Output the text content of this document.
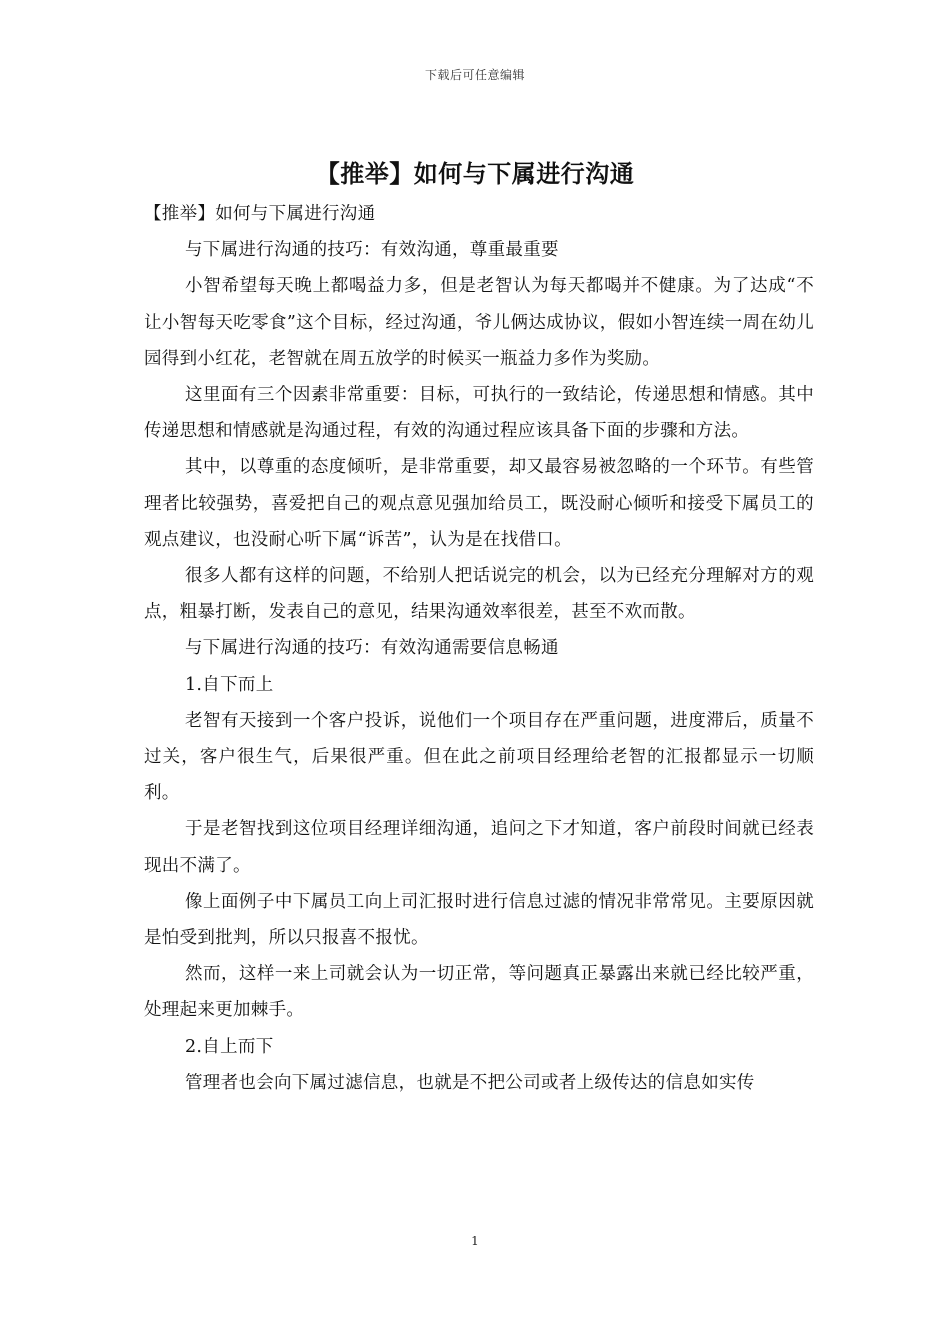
下载后可任意编辑
【推举】如何与下属进行沟通

【推举】如何与下属进行沟通

与下属进行沟通的技巧：有效沟通，尊重最重要

小智希望每天晚上都喝益力多，但是老智认为每天都喝并不健康。为了达成“不让小智每天吃零食”这个目标，经过沟通，爷儿俩达成协议，假如小智连续一周在幼儿园得到小红花，老智就在周五放学的时候买一瓶益力多作为奖励。

这里面有三个因素非常重要：目标，可执行的一致结论，传递思想和情感。其中传递思想和情感就是沟通过程，有效的沟通过程应该具备下面的步骤和方法。

其中，以尊重的态度倾听，是非常重要，却又最容易被忽略的一个环节。有些管理者比较强势，喜爱把自己的观点意见强加给员工，既没耐心倾听和接受下属员工的观点建议，也没耐心听下属“诉苦”，认为是在找借口。

很多人都有这样的问题，不给别人把话说完的机会，以为已经充分理解对方的观点，粗暴打断，发表自己的意见，结果沟通效率很差，甚至不欢而散。

与下属进行沟通的技巧：有效沟通需要信息畅通

1.自下而上

老智有天接到一个客户投诉，说他们一个项目存在严重问题，进度滞后，质量不过关，客户很生气，后果很严重。但在此之前项目经理给老智的汇报都显示一切顺利。

于是老智找到这位项目经理详细沟通，追问之下才知道，客户前段时间就已经表现出不满了。

像上面例子中下属员工向上司汇报时进行信息过滤的情况非常常见。主要原因就是怕受到批判，所以只报喜不报忧。

然而，这样一来上司就会认为一切正常，等问题真正暴露出来就已经比较严重，处理起来更加棘手。

2.自上而下

管理者也会向下属过滤信息，也就是不把公司或者上级传达的信息如实传

1
